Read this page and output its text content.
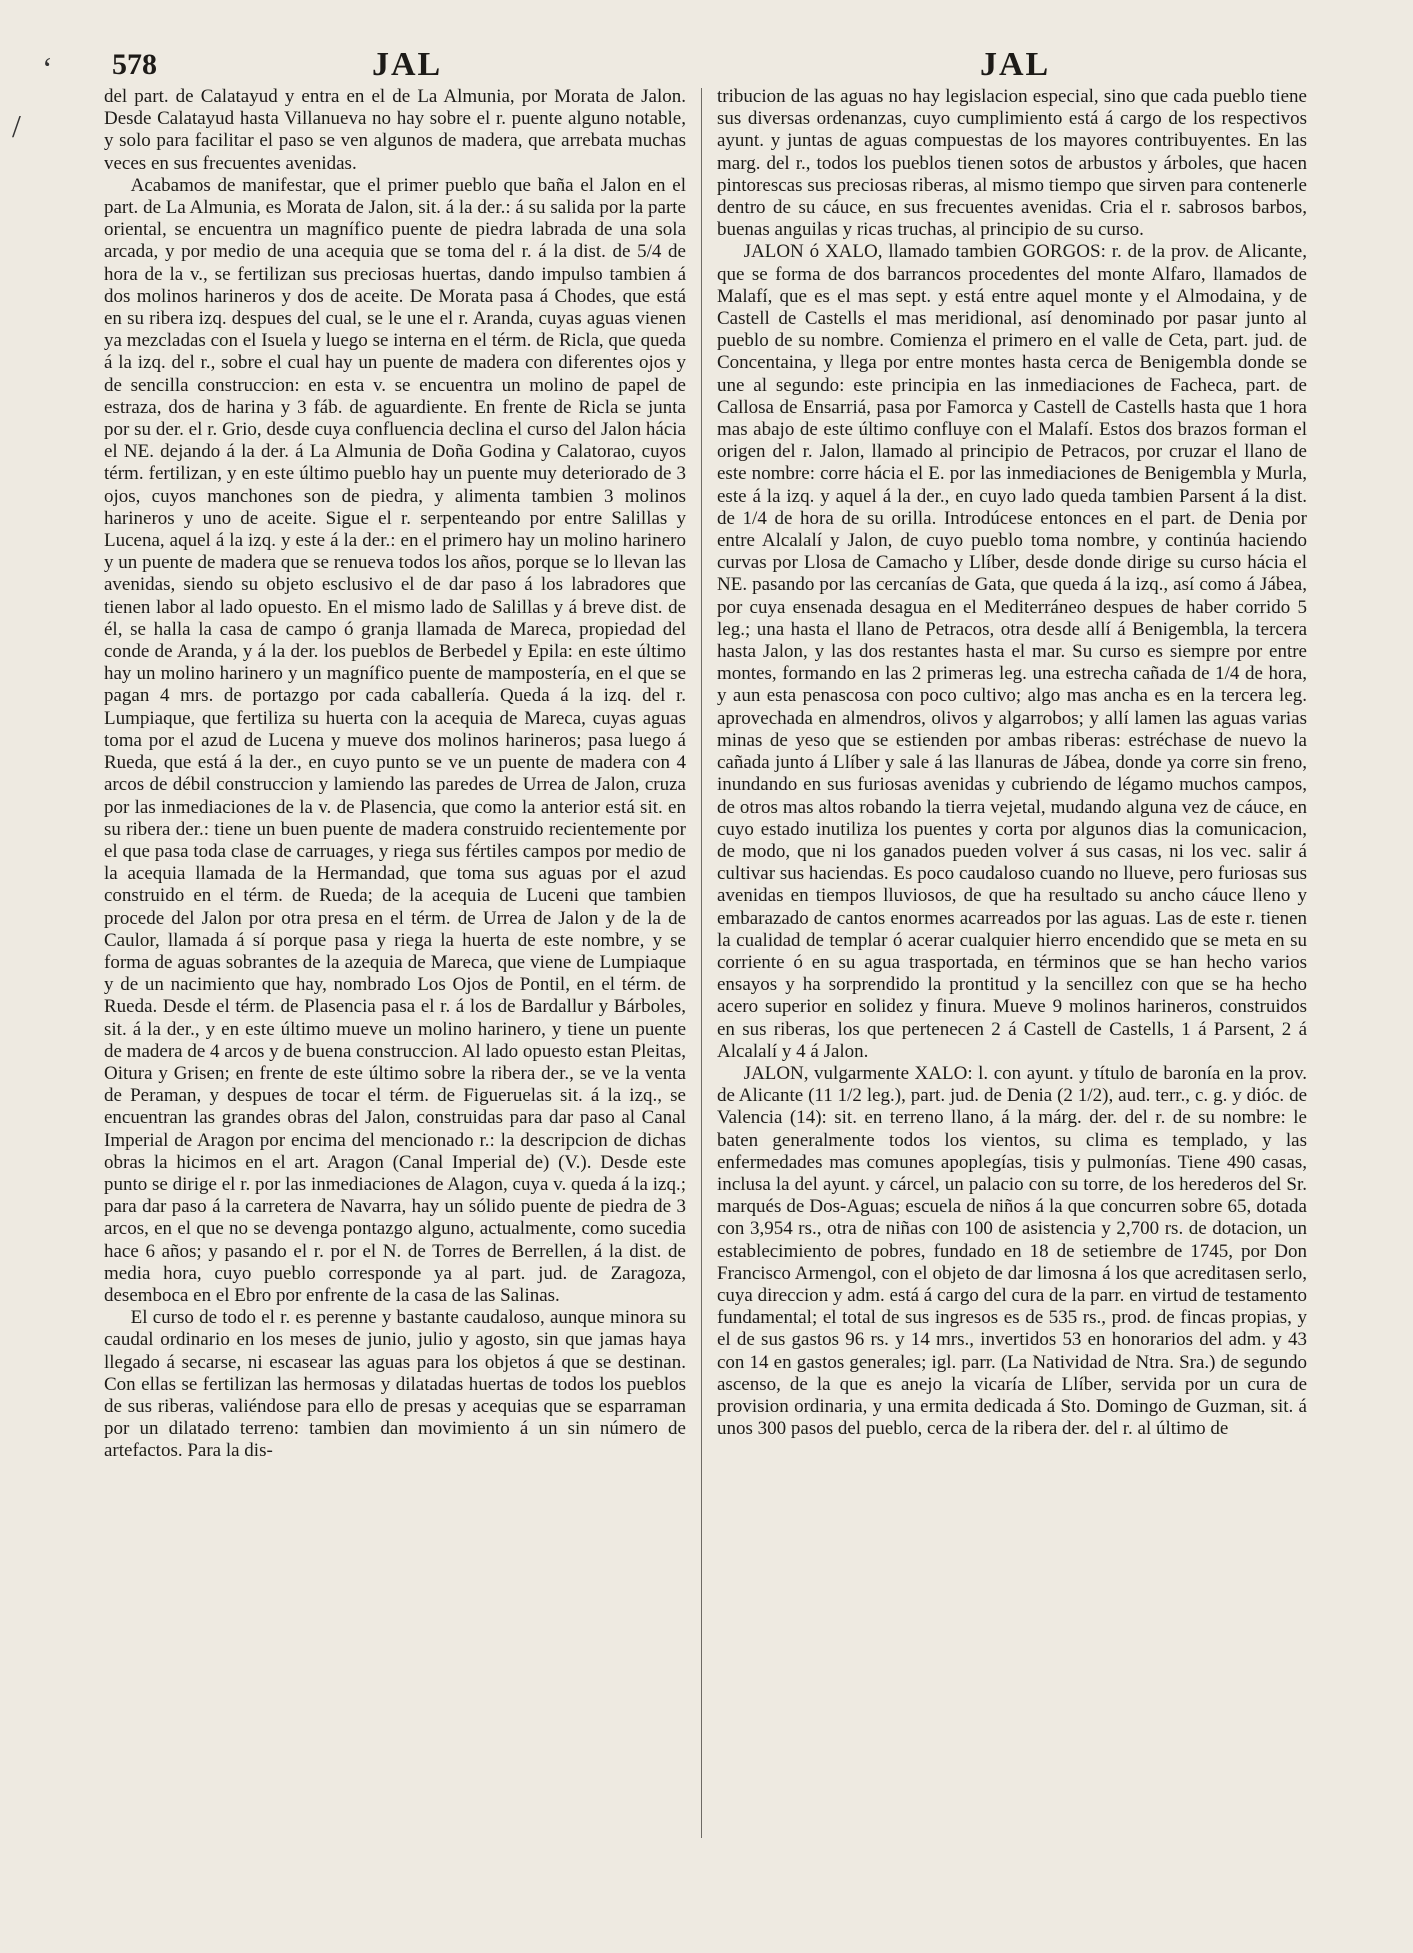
ʻ
/
578	JAL	JAL

del part. de Calatayud y entra en el de La Almunia, por Morata de Jalon. Desde Calatayud hasta Villanueva no hay sobre el r. puente alguno notable, y solo para facilitar el paso se ven algunos de madera, que arrebata muchas veces en sus frecuentes avenidas.

Acabamos de manifestar, que el primer pueblo que baña el Jalon en el part. de La Almunia, es Morata de Jalon, sit. á la der.: á su salida por la parte oriental, se encuentra un magnífico puente de piedra labrada de una sola arcada, y por medio de una acequia que se toma del r. á la dist. de 5/4 de hora de la v., se fertilizan sus preciosas huertas, dando impulso tambien á dos molinos harineros y dos de aceite. De Morata pasa á Chodes, que está en su ribera izq. despues del cual, se le une el r. Aranda, cuyas aguas vienen ya mezcladas con el Isuela y luego se interna en el térm. de Ricla, que queda á la izq. del r., sobre el cual hay un puente de madera con diferentes ojos y de sencilla construccion: en esta v. se encuentra un molino de papel de estraza, dos de harina y 3 fáb. de aguardiente. En frente de Ricla se junta por su der. el r. Grio, desde cuya confluencia declina el curso del Jalon hácia el NE. dejando á la der. á La Almunia de Doña Godina y Calatorao, cuyos térm. fertilizan, y en este último pueblo hay un puente muy deteriorado de 3 ojos, cuyos manchones son de piedra, y alimenta tambien 3 molinos harineros y uno de aceite. Sigue el r. serpenteando por entre Salillas y Lucena, aquel á la izq. y este á la der.: en el primero hay un molino harinero y un puente de madera que se renueva todos los años, porque se lo llevan las avenidas, siendo su objeto esclusivo el de dar paso á los labradores que tienen labor al lado opuesto. En el mismo lado de Salillas y á breve dist. de él, se halla la casa de campo ó granja llamada de Mareca, propiedad del conde de Aranda, y á la der. los pueblos de Berbedel y Epila: en este último hay un molino harinero y un magnífico puente de mampostería, en el que se pagan 4 mrs. de portazgo por cada caballería. Queda á la izq. del r. Lumpiaque, que fertiliza su huerta con la acequia de Mareca, cuyas aguas toma por el azud de Lucena y mueve dos molinos harineros; pasa luego á Rueda, que está á la der., en cuyo punto se ve un puente de madera con 4 arcos de débil construccion y lamiendo las paredes de Urrea de Jalon, cruza por las inmediaciones de la v. de Plasencia, que como la anterior está sit. en su ribera der.: tiene un buen puente de madera construido recientemente por el que pasa toda clase de carruages, y riega sus fértiles campos por medio de la acequia llamada de la Hermandad, que toma sus aguas por el azud construido en el térm. de Rueda; de la acequia de Luceni que tambien procede del Jalon por otra presa en el térm. de Urrea de Jalon y de la de Caulor, llamada á sí porque pasa y riega la huerta de este nombre, y se forma de aguas sobrantes de la azequia de Mareca, que viene de Lumpiaque y de un nacimiento que hay, nombrado Los Ojos de Pontil, en el térm. de Rueda. Desde el térm. de Plasencia pasa el r. á los de Bardallur y Bárboles, sit. á la der., y en este último mueve un molino harinero, y tiene un puente de madera de 4 arcos y de buena construccion. Al lado opuesto estan Pleitas, Oitura y Grisen; en frente de este último sobre la ribera der., se ve la venta de Peraman, y despues de tocar el térm. de Figueruelas sit. á la izq., se encuentran las grandes obras del Jalon, construidas para dar paso al Canal Imperial de Aragon por encima del mencionado r.: la descripcion de dichas obras la hicimos en el art. Aragon (Canal Imperial de) (V.). Desde este punto se dirige el r. por las inmediaciones de Alagon, cuya v. queda á la izq.; para dar paso á la carretera de Navarra, hay un sólido puente de piedra de 3 arcos, en el que no se devenga pontazgo alguno, actualmente, como sucedia hace 6 años; y pasando el r. por el N. de Torres de Berrellen, á la dist. de media hora, cuyo pueblo corresponde ya al part. jud. de Zaragoza, desemboca en el Ebro por enfrente de la casa de las Salinas.

El curso de todo el r. es perenne y bastante caudaloso, aunque minora su caudal ordinario en los meses de junio, julio y agosto, sin que jamas haya llegado á secarse, ni escasear las aguas para los objetos á que se destinan. Con ellas se fertilizan las hermosas y dilatadas huertas de todos los pueblos de sus riberas, valiéndose para ello de presas y acequias que se esparraman por un dilatado terreno: tambien dan movimiento á un sin número de artefactos. Para la dis-

tribucion de las aguas no hay legislacion especial, sino que cada pueblo tiene sus diversas ordenanzas, cuyo cumplimiento está á cargo de los respectivos ayunt. y juntas de aguas compuestas de los mayores contribuyentes. En las marg. del r., todos los pueblos tienen sotos de arbustos y árboles, que hacen pintorescas sus preciosas riberas, al mismo tiempo que sirven para contenerle dentro de su cáuce, en sus frecuentes avenidas. Cria el r. sabrosos barbos, buenas anguilas y ricas truchas, al principio de su curso.

JALON ó XALO, llamado tambien GORGOS: r. de la prov. de Alicante, que se forma de dos barrancos procedentes del monte Alfaro, llamados de Malafí, que es el mas sept. y está entre aquel monte y el Almodaina, y de Castell de Castells el mas meridional, así denominado por pasar junto al pueblo de su nombre. Comienza el primero en el valle de Ceta, part. jud. de Concentaina, y llega por entre montes hasta cerca de Benigembla donde se une al segundo: este principia en las inmediaciones de Facheca, part. de Callosa de Ensarriá, pasa por Famorca y Castell de Castells hasta que 1 hora mas abajo de este último confluye con el Malafí. Estos dos brazos forman el origen del r. Jalon, llamado al principio de Petracos, por cruzar el llano de este nombre: corre hácia el E. por las inmediaciones de Benigembla y Murla, este á la izq. y aquel á la der., en cuyo lado queda tambien Parsent á la dist. de 1/4 de hora de su orilla. Introdúcese entonces en el part. de Denia por entre Alcalalí y Jalon, de cuyo pueblo toma nombre, y continúa haciendo curvas por Llosa de Camacho y Llíber, desde donde dirige su curso hácia el NE. pasando por las cercanías de Gata, que queda á la izq., así como á Jábea, por cuya ensenada desagua en el Mediterráneo despues de haber corrido 5 leg.; una hasta el llano de Petracos, otra desde allí á Benigembla, la tercera hasta Jalon, y las dos restantes hasta el mar. Su curso es siempre por entre montes, formando en las 2 primeras leg. una estrecha cañada de 1/4 de hora, y aun esta penascosa con poco cultivo; algo mas ancha es en la tercera leg. aprovechada en almendros, olivos y algarrobos; y allí lamen las aguas varias minas de yeso que se estienden por ambas riberas: estréchase de nuevo la cañada junto á Llíber y sale á las llanuras de Jábea, donde ya corre sin freno, inundando en sus furiosas avenidas y cubriendo de légamo muchos campos, de otros mas altos robando la tierra vejetal, mudando alguna vez de cáuce, en cuyo estado inutiliza los puentes y corta por algunos dias la comunicacion, de modo, que ni los ganados pueden volver á sus casas, ni los vec. salir á cultivar sus haciendas. Es poco caudaloso cuando no llueve, pero furiosas sus avenidas en tiempos lluviosos, de que ha resultado su ancho cáuce lleno y embarazado de cantos enormes acarreados por las aguas. Las de este r. tienen la cualidad de templar ó acerar cualquier hierro encendido que se meta en su corriente ó en su agua trasportada, en términos que se han hecho varios ensayos y ha sorprendido la prontitud y la sencillez con que se ha hecho acero superior en solidez y finura. Mueve 9 molinos harineros, construidos en sus riberas, los que pertenecen 2 á Castell de Castells, 1 á Parsent, 2 á Alcalalí y 4 á Jalon.

JALON, vulgarmente XALO: l. con ayunt. y título de baronía en la prov. de Alicante (11 1/2 leg.), part. jud. de Denia (2 1/2), aud. terr., c. g. y dióc. de Valencia (14): sit. en terreno llano, á la márg. der. del r. de su nombre: le baten generalmente todos los vientos, su clima es templado, y las enfermedades mas comunes apoplegías, tisis y pulmonías. Tiene 490 casas, inclusa la del ayunt. y cárcel, un palacio con su torre, de los herederos del Sr. marqués de Dos-Aguas; escuela de niños á la que concurren sobre 65, dotada con 3,954 rs., otra de niñas con 100 de asistencia y 2,700 rs. de dotacion, un establecimiento de pobres, fundado en 18 de setiembre de 1745, por Don Francisco Armengol, con el objeto de dar limosna á los que acreditasen serlo, cuya direccion y adm. está á cargo del cura de la parr. en virtud de testamento fundamental; el total de sus ingresos es de 535 rs., prod. de fincas propias, y el de sus gastos 96 rs. y 14 mrs., invertidos 53 en honorarios del adm. y 43 con 14 en gastos generales; igl. parr. (La Natividad de Ntra. Sra.) de segundo ascenso, de la que es anejo la vicaría de Llíber, servida por un cura de provision ordinaria, y una ermita dedicada á Sto. Domingo de Guzman, sit. á unos 300 pasos del pueblo, cerca de la ribera der. del r. al último de
